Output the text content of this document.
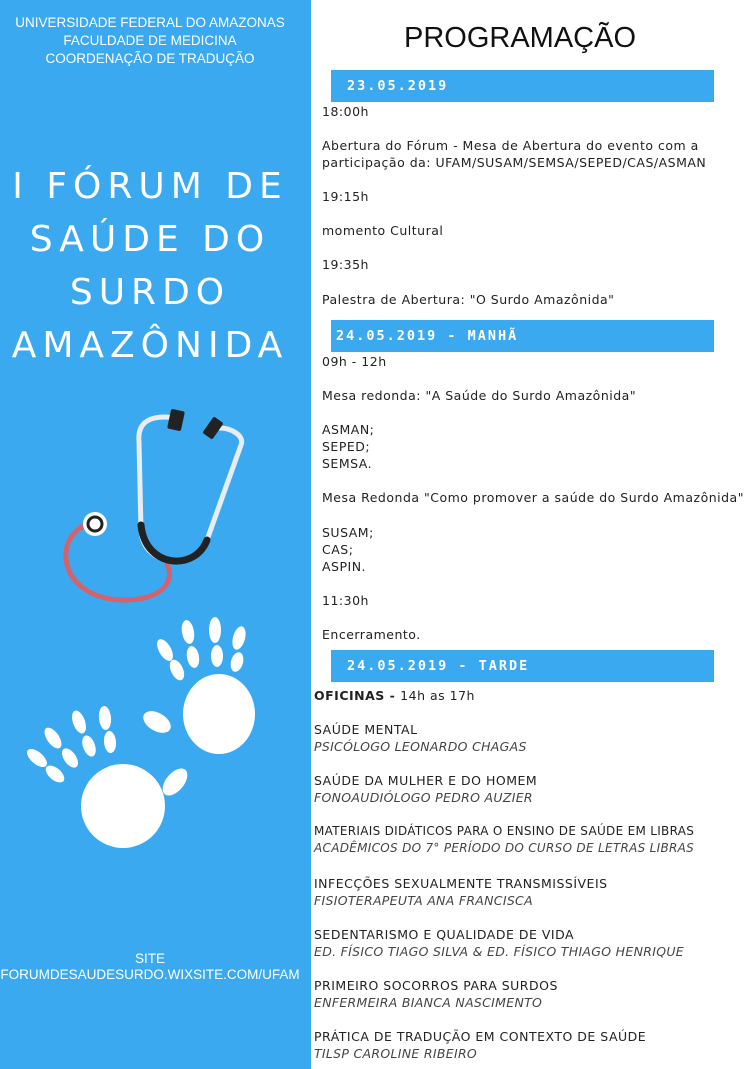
UNIVERSIDADE FEDERAL DO AMAZONAS
FACULDADE DE MEDICINA
COORDENAÇÃO DE TRADUÇÃO
I FÓRUM DE
SAÚDE DO
SURDO
AMAZÔNIDA
SITE
FORUMDESAUDESURDO.WIXSITE.COM/UFAM
PROGRAMAÇÃO
23.05.2019
18:00h
Abertura do Fórum - Mesa de Abertura do evento com a
participação da: UFAM/SUSAM/SEMSA/SEPED/CAS/ASMAN
19:15h
momento Cultural
19:35h
Palestra de Abertura: "O Surdo Amazônida"
24.05.2019 - MANHÃ
09h - 12h
Mesa redonda: "A Saúde do Surdo Amazônida"
ASMAN;
SEPED;
SEMSA.
Mesa Redonda "Como promover a saúde do Surdo Amazônida"
SUSAM;
CAS;
ASPIN.
11:30h
Encerramento.
24.05.2019 - TARDE
OFICINAS - 14h as 17h
SAÚDE MENTAL
PSICÓLOGO LEONARDO CHAGAS
SAÚDE DA MULHER E DO HOMEM
FONOAUDIÓLOGO PEDRO AUZIER
MATERIAIS DIDÁTICOS PARA O ENSINO DE SAÚDE EM LIBRAS
ACADÊMICOS DO 7° PERÍODO DO CURSO DE LETRAS LIBRAS
INFECÇÕES SEXUALMENTE TRANSMISSÍVEIS
FISIOTERAPEUTA ANA FRANCISCA
SEDENTARISMO E QUALIDADE DE VIDA
ED. FÍSICO TIAGO SILVA & ED. FÍSICO THIAGO HENRIQUE
PRIMEIRO SOCORROS PARA SURDOS
ENFERMEIRA BIANCA NASCIMENTO
PRÁTICA DE TRADUÇÃO EM CONTEXTO DE SAÚDE
TILSP CAROLINE RIBEIRO
